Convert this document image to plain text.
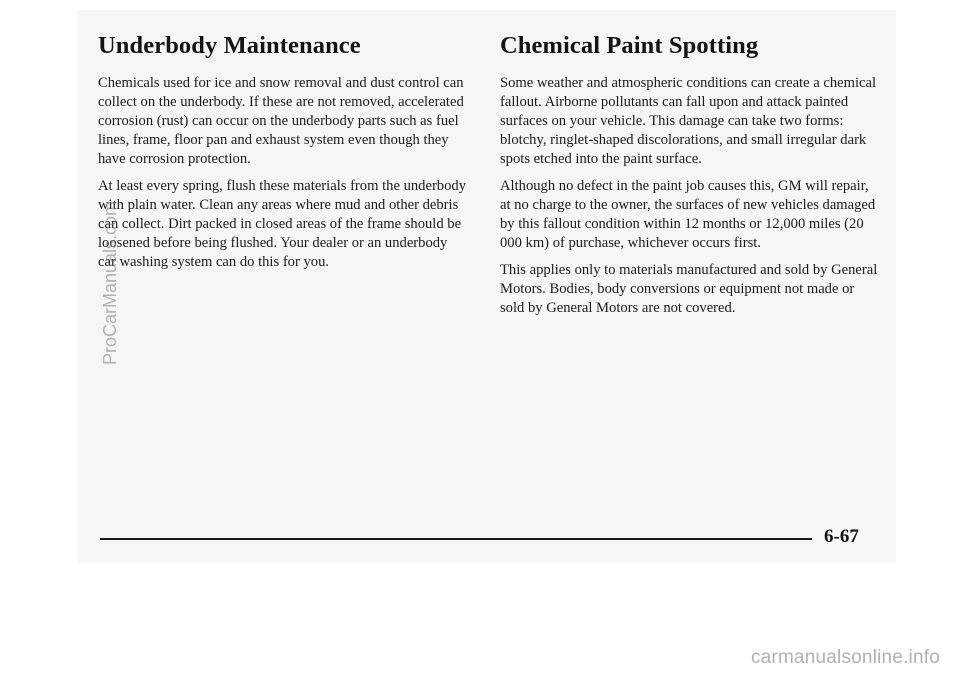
Underbody Maintenance

Chemicals used for ice and snow removal and dust control can collect on the underbody. If these are not removed, accelerated corrosion (rust) can occur on the underbody parts such as fuel lines, frame, floor pan and exhaust system even though they have corrosion protection.

At least every spring, flush these materials from the underbody with plain water. Clean any areas where mud and other debris can collect. Dirt packed in closed areas of the frame should be loosened before being flushed. Your dealer or an underbody car washing system can do this for you.

Chemical Paint Spotting

Some weather and atmospheric conditions can create a chemical fallout. Airborne pollutants can fall upon and attack painted surfaces on your vehicle. This damage can take two forms: blotchy, ringlet-shaped discolorations, and small irregular dark spots etched into the paint surface.

Although no defect in the paint job causes this, GM will repair, at no charge to the owner, the surfaces of new vehicles damaged by this fallout condition within 12 months or 12,000 miles (20 000 km) of purchase, whichever occurs first.

This applies only to materials manufactured and sold by General Motors. Bodies, body conversions or equipment not made or sold by General Motors are not covered.

6-67
ProCarManuals.com
carmanualsonline.info
